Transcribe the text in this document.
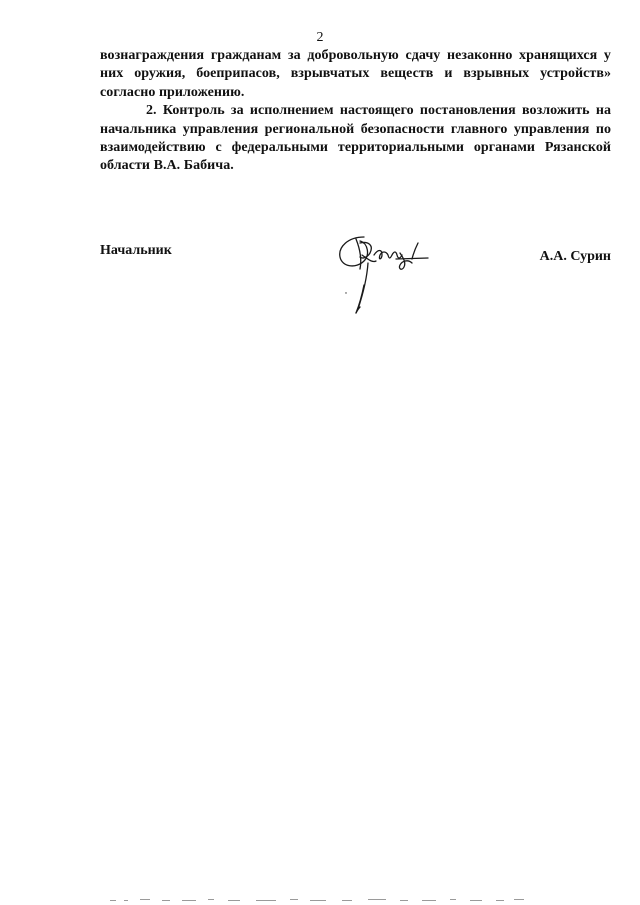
2

вознаграждения гражданам за добровольную сдачу незаконно хранящихся у них оружия, боеприпасов, взрывчатых веществ и взрывных устройств» согласно приложению.

2. Контроль за исполнением настоящего постановления возложить на начальника управления региональной безопасности главного управления по взаимодействию с федеральными территориальными органами Рязанской области В.А. Бабича.

Начальник	А.А. Сурин
